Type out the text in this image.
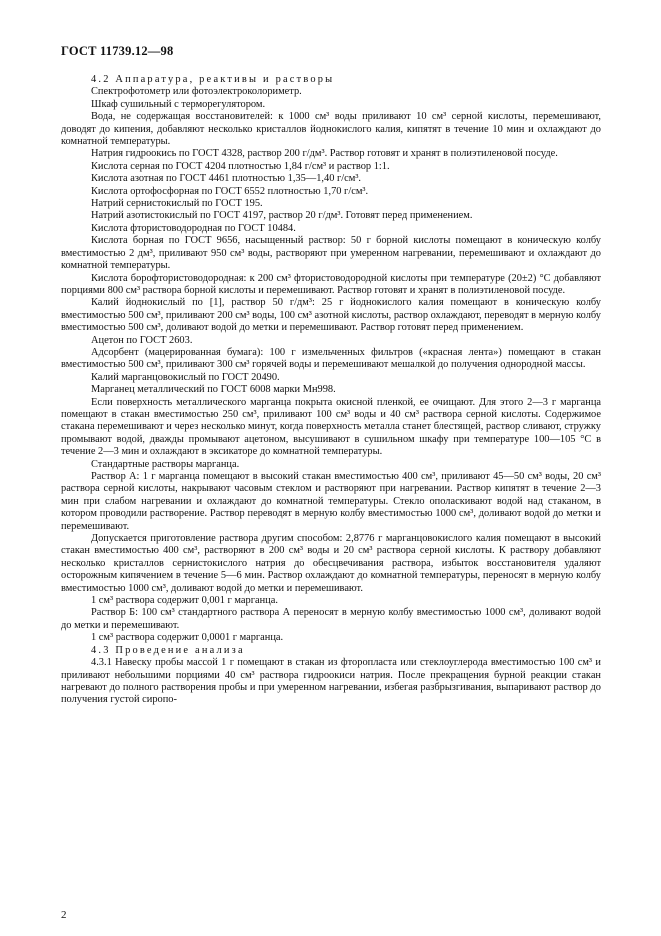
ГОСТ 11739.12—98

4.2 Аппаратура, реактивы и растворы

Спектрофотометр или фотоэлектроколориметр.

Шкаф сушильный с терморегулятором.

Вода, не содержащая восстановителей: к 1000 см³ воды приливают 10 см³ серной кислоты, перемешивают, доводят до кипения, добавляют несколько кристаллов йоднокислого калия, кипятят в течение 10 мин и охлаждают до комнатной температуры.

Натрия гидроокись по ГОСТ 4328, раствор 200 г/дм³. Раствор готовят и хранят в полиэтиленовой посуде.

Кислота серная по ГОСТ 4204 плотностью 1,84 г/см³ и раствор 1:1.

Кислота азотная по ГОСТ 4461 плотностью 1,35—1,40 г/см³.

Кислота ортофосфорная по ГОСТ 6552 плотностью 1,70 г/см³.

Натрий сернистокислый по ГОСТ 195.

Натрий азотистокислый по ГОСТ 4197, раствор 20 г/дм³. Готовят перед применением.

Кислота фтористоводородная по ГОСТ 10484.

Кислота борная по ГОСТ 9656, насыщенный раствор: 50 г борной кислоты помещают в коническую колбу вместимостью 2 дм³, приливают 950 см³ воды, растворяют при умеренном нагревании, перемешивают и охлаждают до комнатной температуры.

Кислота борофтористоводородная: к 200 см³ фтористоводородной кислоты при температуре (20±2) °С добавляют порциями 800 см³ раствора борной кислоты и перемешивают. Раствор готовят и хранят в полиэтиленовой посуде.

Калий йоднокислый по [1], раствор 50 г/дм³: 25 г йоднокислого калия помещают в коническую колбу вместимостью 500 см³, приливают 200 см³ воды, 100 см³ азотной кислоты, раствор охлаждают, переводят в мерную колбу вместимостью 500 см³, доливают водой до метки и перемешивают. Раствор готовят перед применением.

Ацетон по ГОСТ 2603.

Адсорбент (мацерированная бумага): 100 г измельченных фильтров («красная лента») помещают в стакан вместимостью 500 см³, приливают 300 см³ горячей воды и перемешивают мешалкой до получения однородной массы.

Калий марганцовокислый по ГОСТ 20490.

Марганец металлический по ГОСТ 6008 марки Мн998.

Если поверхность металлического марганца покрыта окисной пленкой, ее очищают. Для этого 2—3 г марганца помещают в стакан вместимостью 250 см³, приливают 100 см³ воды и 40 см³ раствора серной кислоты. Содержимое стакана перемешивают и через несколько минут, когда поверхность металла станет блестящей, раствор сливают, стружку промывают водой, дважды промывают ацетоном, высушивают в сушильном шкафу при температуре 100—105 °С в течение 2—3 мин и охлаждают в эксикаторе до комнатной температуры.

Стандартные растворы марганца.

Раствор А: 1 г марганца помещают в высокий стакан вместимостью 400 см³, приливают 45—50 см³ воды, 20 см³ раствора серной кислоты, накрывают часовым стеклом и растворяют при нагревании. Раствор кипятят в течение 2—3 мин при слабом нагревании и охлаждают до комнатной температуры. Стекло ополаскивают водой над стаканом, в котором проводили растворение. Раствор переводят в мерную колбу вместимостью 1000 см³, доливают водой до метки и перемешивают.

Допускается приготовление раствора другим способом: 2,8776 г марганцовокислого калия помещают в высокий стакан вместимостью 400 см³, растворяют в 200 см³ воды и 20 см³ раствора серной кислоты. К раствору добавляют несколько кристаллов сернистокислого натрия до обесцвечивания раствора, избыток восстановителя удаляют осторожным кипячением в течение 5—6 мин. Раствор охлаждают до комнатной температуры, переносят в мерную колбу вместимостью 1000 см³, доливают водой до метки и перемешивают.

1 см³ раствора содержит 0,001 г марганца.

Раствор Б: 100 см³ стандартного раствора А переносят в мерную колбу вместимостью 1000 см³, доливают водой до метки и перемешивают.

1 см³ раствора содержит 0,0001 г марганца.

4.3 Проведение анализа

4.3.1 Навеску пробы массой 1 г помещают в стакан из фторопласта или стеклоуглерода вместимостью 100 см³ и приливают небольшими порциями 40 см³ раствора гидроокиси натрия. После прекращения бурной реакции стакан нагревают до полного растворения пробы и при умеренном нагревании, избегая разбрызгивания, выпаривают раствор до получения густой сиропо-

2
